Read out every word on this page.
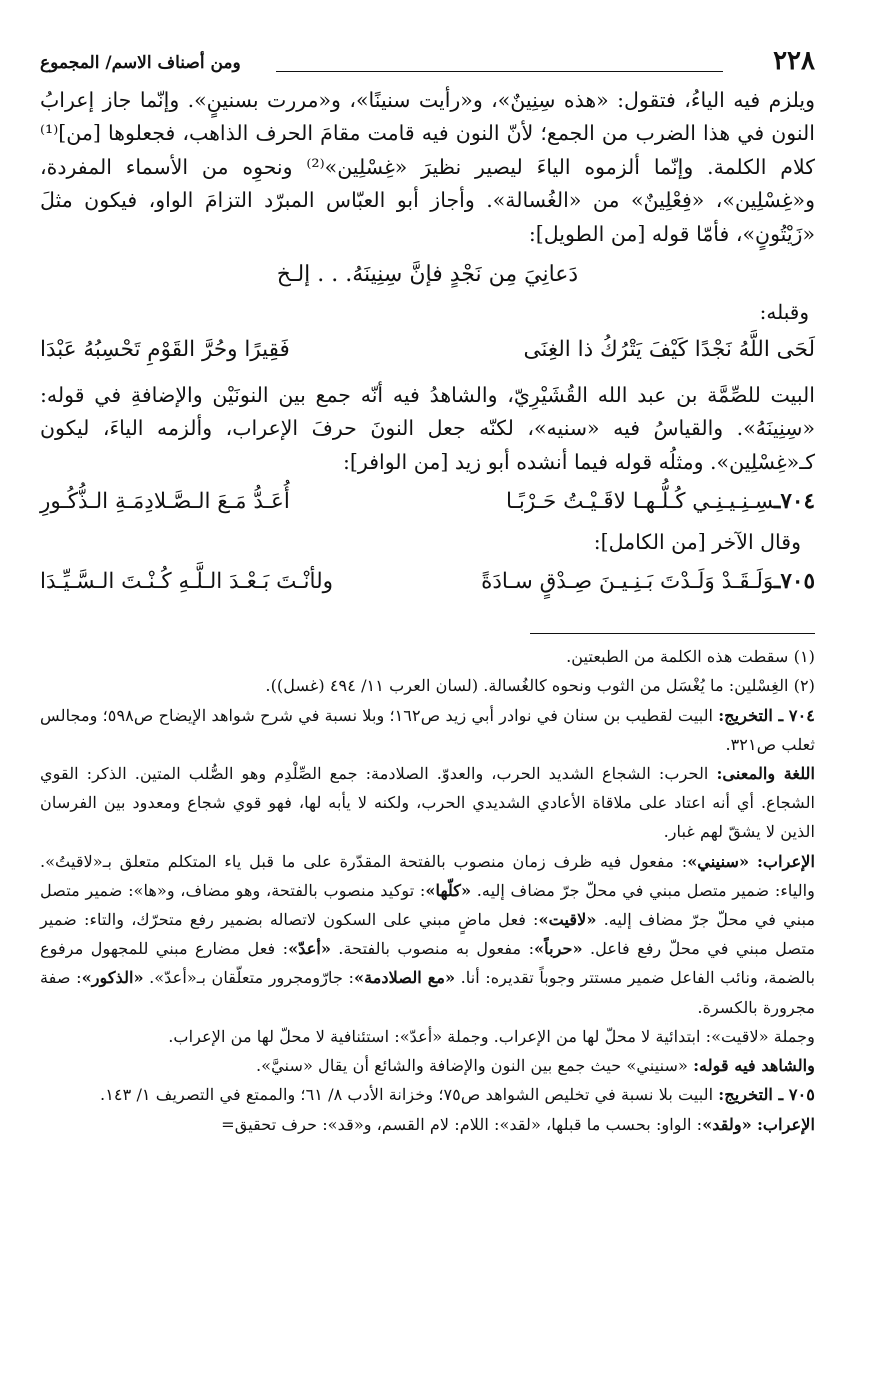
٢٢٨
ومن أصناف الاسم/ المجموع

ويلزم فيه الياءُ، فتقول: «هذه سِنِينٌ»، و«رأيت سنينًا»، و«مررت بسنينٍ». وإنّما جاز إعرابُ النون في هذا الضرب من الجمع؛ لأنّ النون فيه قامت مقامَ الحرف الذاهب، فجعلوها [من]⁽¹⁾ كلام الكلمة. وإنّما ألزموه الياءَ ليصير نظيرَ «غِسْلِين»⁽²⁾ ونحوِه من الأسماء المفردة، و«غِسْلِين»، «فِعْلِينٌ» من «الغُسالة». وأجاز أبو العبّاس المبرّد التزامَ الواو، فيكون مثلَ «زَيْتُونٍ»، فأمّا قوله [من الطويل]:

دَعانِيَ مِن نَجْدٍ فإنَّ سِنِينَهُ. . . إلـخ
وقبله:
لَحَى اللَّهُ نَجْدًا كَيْفَ يَتْرُكُ ذا الغِنَى
فَقِيرًا وحُرَّ القَوْمِ تَحْسِبُهُ عَبْدَا

البيت للصِّمَّة بن عبد الله القُشَيْرِيّ، والشاهدُ فيه أنّه جمع بين النونَيْن والإضافةِ في قوله: «سِنِينَهُ». والقياسُ فيه «سنيه»، لكنّه جعل النونَ حرفَ الإعراب، وألزمه الياءَ، ليكون كـ«غِسْلِين». ومثلُه قوله فيما أنشده أبو زيد [من الوافر]:

٧٠٤ـسِـنِـيـنِـي كُـلُّـهـا لاقَـيْـتُ حَـرْبًـا
أُعَـدُّ مَـعَ الـصَّـلادِمَـةِ الـذُّكُـورِ
وقال الآخر [من الكامل]:
٧٠٥ـوَلَـقَـدْ وَلَـدْتَ بَـنِـيـنَ صِـدْقٍ سـادَةً
ولأنْـتَ بَـعْـدَ الـلَّـهِ كُـنْـتَ الـسَّـيِّـدَا

(١) سقطت هذه الكلمة من الطبعتين.

(٢) الغِسْلين: ما يُغْسَل من الثوب ونحوه كالغُسالة. (لسان العرب ١١/ ٤٩٤ (غسل)).

٧٠٤ ـ التخريج: البيت لقطيب بن سنان في نوادر أبي زيد ص١٦٢؛ وبلا نسبة في شرح شواهد الإيضاح ص٥٩٨؛ ومجالس ثعلب ص٣٢١.

اللغة والمعنى: الحرب: الشجاع الشديد الحرب، والعدوّ. الصلادمة: جمع الصِّلْدِم وهو الصُّلب المتين. الذكر: القوي الشجاع. أي أنه اعتاد على ملاقاة الأعادي الشديدي الحرب، ولكنه لا يأبه لها، فهو قوي شجاع ومعدود بين الفرسان الذين لا يشقّ لهم غبار.

الإعراب: «سنيني»: مفعول فيه ظرف زمان منصوب بالفتحة المقدّرة على ما قبل ياء المتكلم متعلق بـ«لاقيتُ». والياء: ضمير متصل مبني في محلّ جرّ مضاف إليه. «كلّها»: توكيد منصوب بالفتحة، وهو مضاف، و«ها»: ضمير متصل مبني في محلّ جرّ مضاف إليه. «لاقيت»: فعل ماضٍ مبني على السكون لاتصاله بضمير رفع متحرّك، والتاء: ضمير متصل مبني في محلّ رفع فاعل. «حرباً»: مفعول به منصوب بالفتحة. «أعدّ»: فعل مضارع مبني للمجهول مرفوع بالضمة، ونائب الفاعل ضمير مستتر وجوباً تقديره: أنا. «مع الصلادمة»: جارّومجرور متعلّقان بـ«أعدّ». «الذكور»: صفة مجرورة بالكسرة.

وجملة «لاقيت»: ابتدائية لا محلّ لها من الإعراب. وجملة «أعدّ»: استئنافية لا محلّ لها من الإعراب.

والشاهد فيه قوله: «سنيني» حيث جمع بين النون والإضافة والشائع أن يقال «سنيَّ».

٧٠٥ ـ التخريج: البيت بلا نسبة في تخليص الشواهد ص٧٥؛ وخزانة الأدب ٨/ ٦١؛ والممتع في التصريف ١/ ١٤٣.

الإعراب: «ولقد»: الواو: بحسب ما قبلها، «لقد»: اللام: لام القسم، و«قد»: حرف تحقيق=
